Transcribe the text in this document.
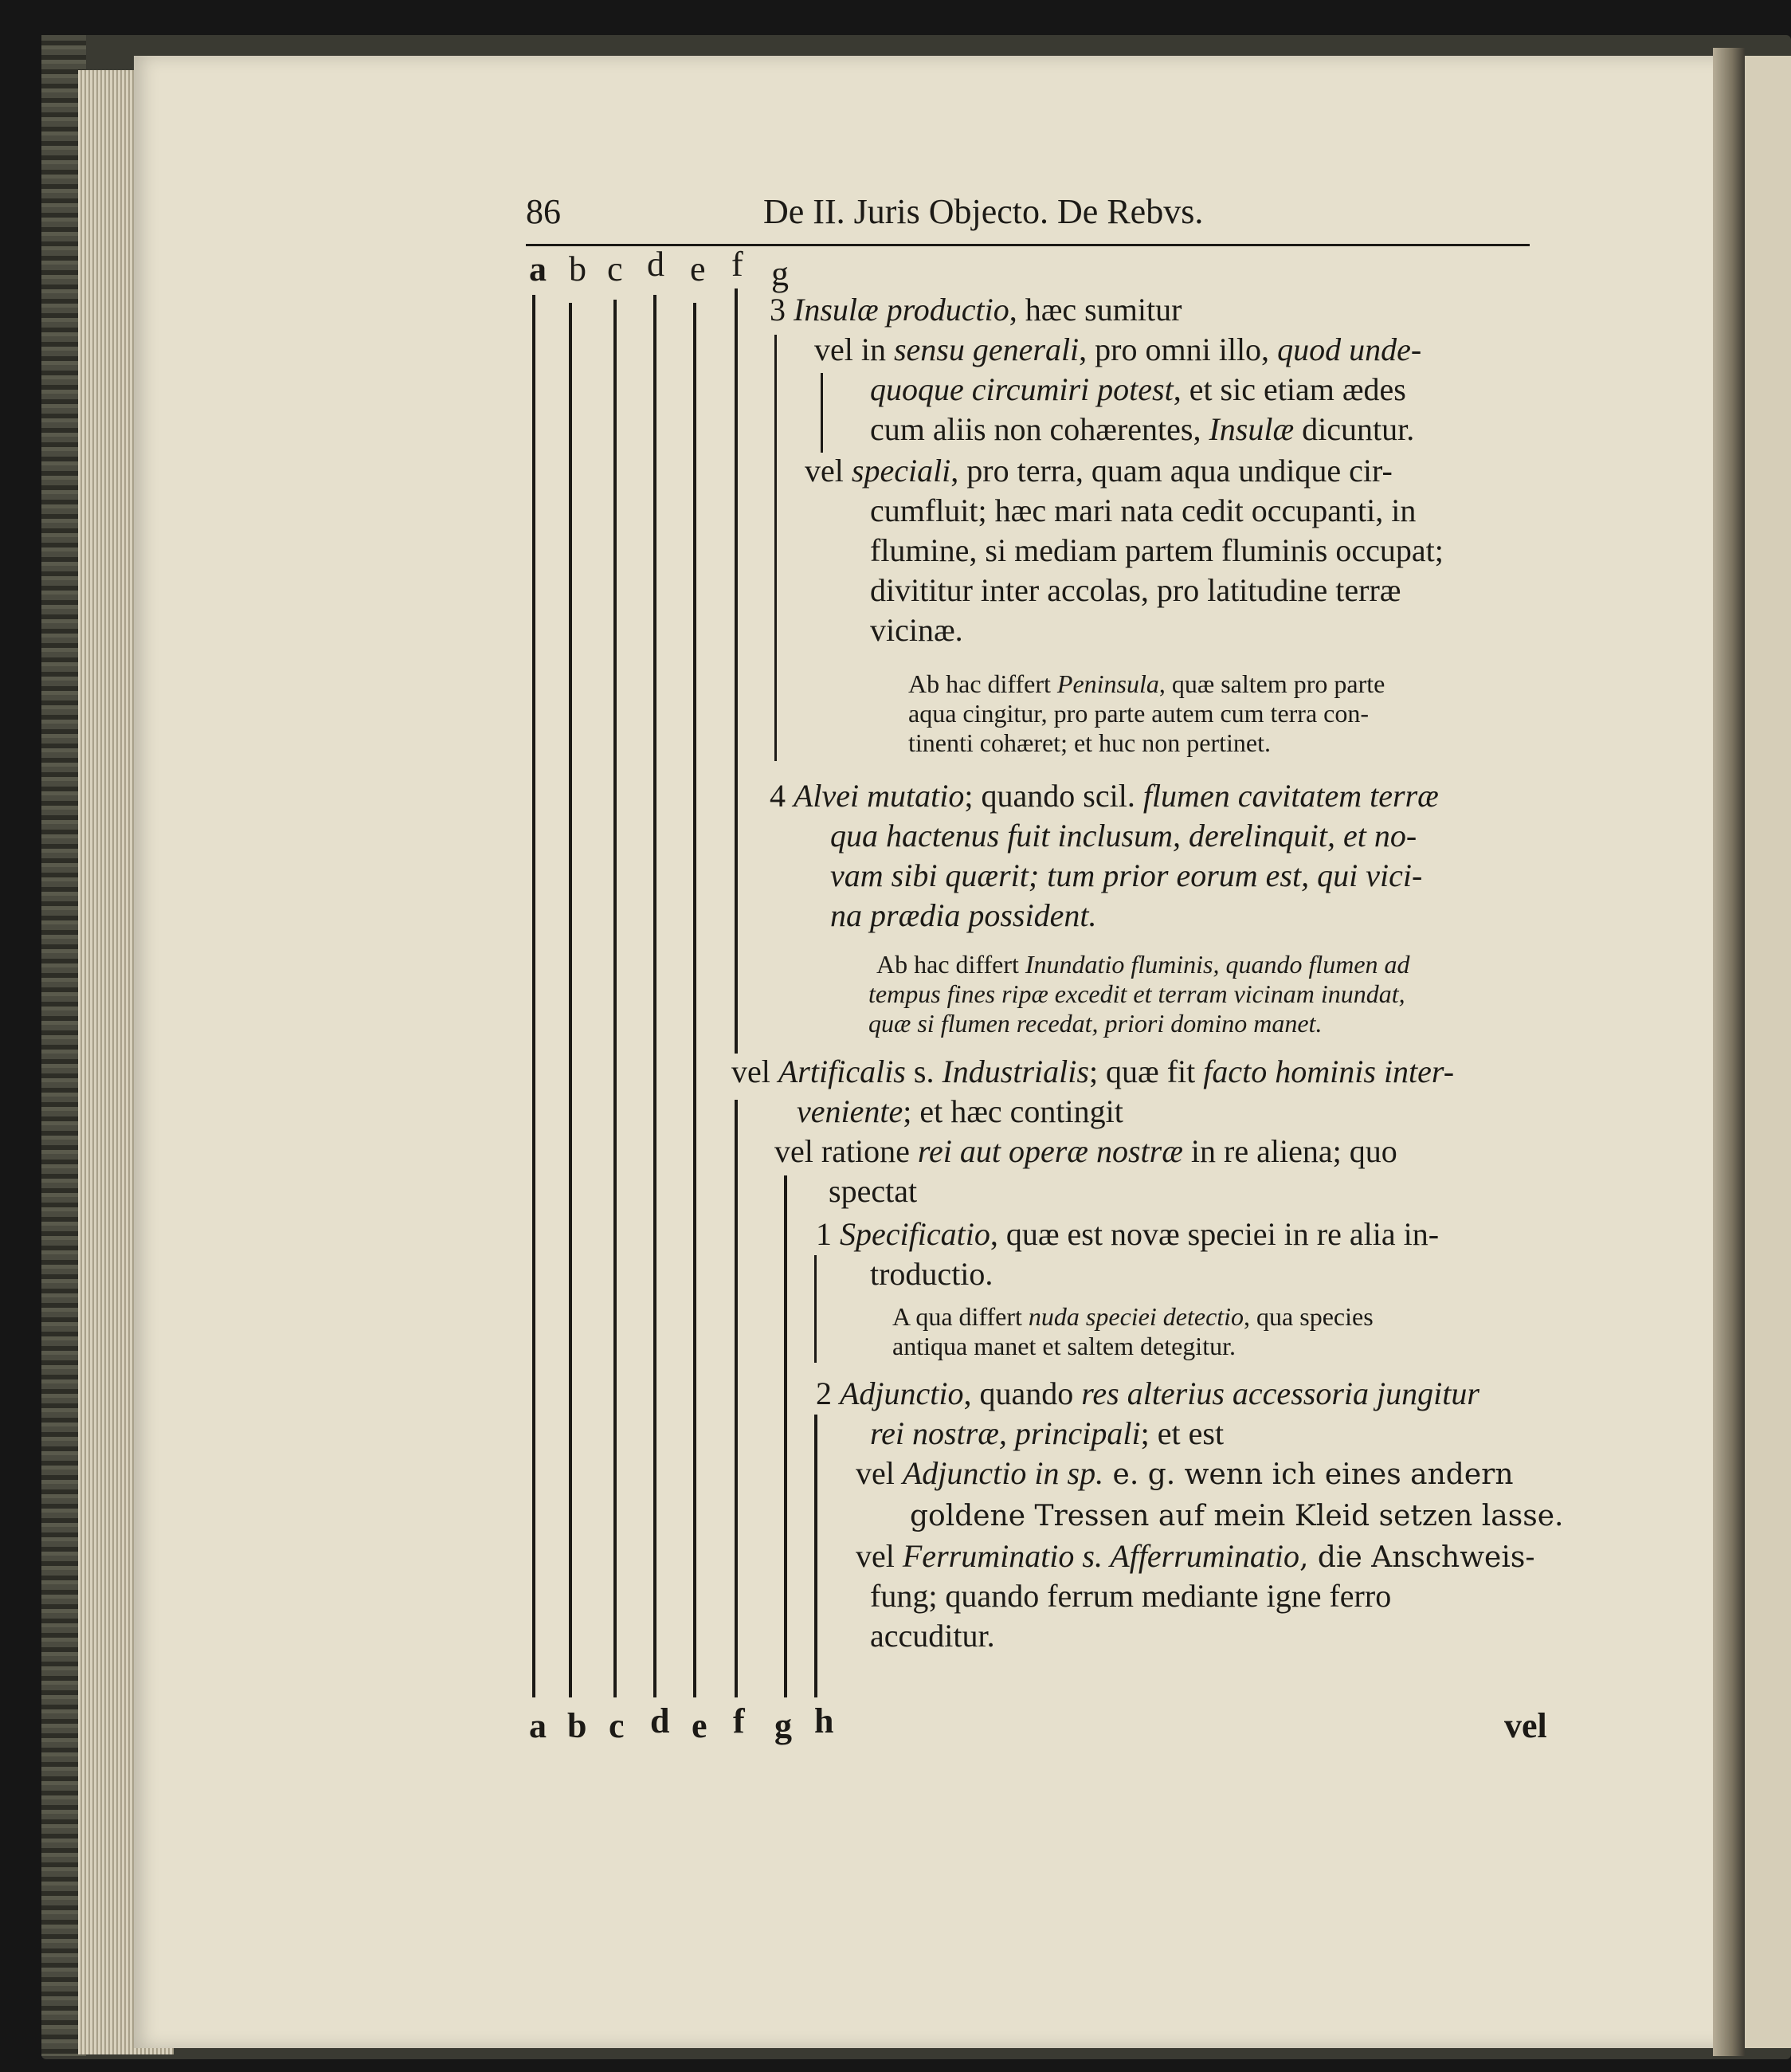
86	De II. Juris Objecto. De Rebvs.
a b c d e f g
3 Insulæ productio, hæc sumitur
vel in sensu generali, pro omni illo, quod unde-
quoque circumiri potest, et sic etiam ædes
cum aliis non cohærentes, Insulæ dicuntur.
vel speciali, pro terra, quam aqua undique cir-
cumfluit; hæc mari nata cedit occupanti, in
flumine, si mediam partem fluminis occupat;
divititur inter accolas, pro latitudine terræ
vicinæ.
Ab hac differt Peninsula, quæ saltem pro parte
aqua cingitur, pro parte autem cum terra con-
tinenti cohæret; et huc non pertinet.
4 Alvei mutatio; quando scil. flumen cavitatem terræ
qua hactenus fuit inclusum, derelinquit, et no-
vam sibi quærit; tum prior eorum est, qui vici-
na prædia possident.
Ab hac differt Inundatio fluminis, quando flumen ad
tempus fines ripæ excedit et terram vicinam inundat,
quæ si flumen recedat, priori domino manet.
vel Artificalis s. Industrialis; quæ fit facto hominis inter-
veniente; et hæc contingit
vel ratione rei aut operæ nostræ in re aliena; quo
spectat
1 Specificatio, quæ est novæ speciei in re alia in-
troductio.
A qua differt nuda speciei detectio, qua species
antiqua manet et saltem detegitur.
2 Adjunctio, quando res alterius accessoria jungitur
rei nostræ, principali; et est
vel Adjunctio in sp. e. g. wenn ich eines andern
goldene Tressen auf mein Kleid setzen lasse.
vel Ferruminatio s. Afferruminatio, die Anschweis-
fung; quando ferrum mediante igne ferro
accuditur.
a b c d e f g h	vel
